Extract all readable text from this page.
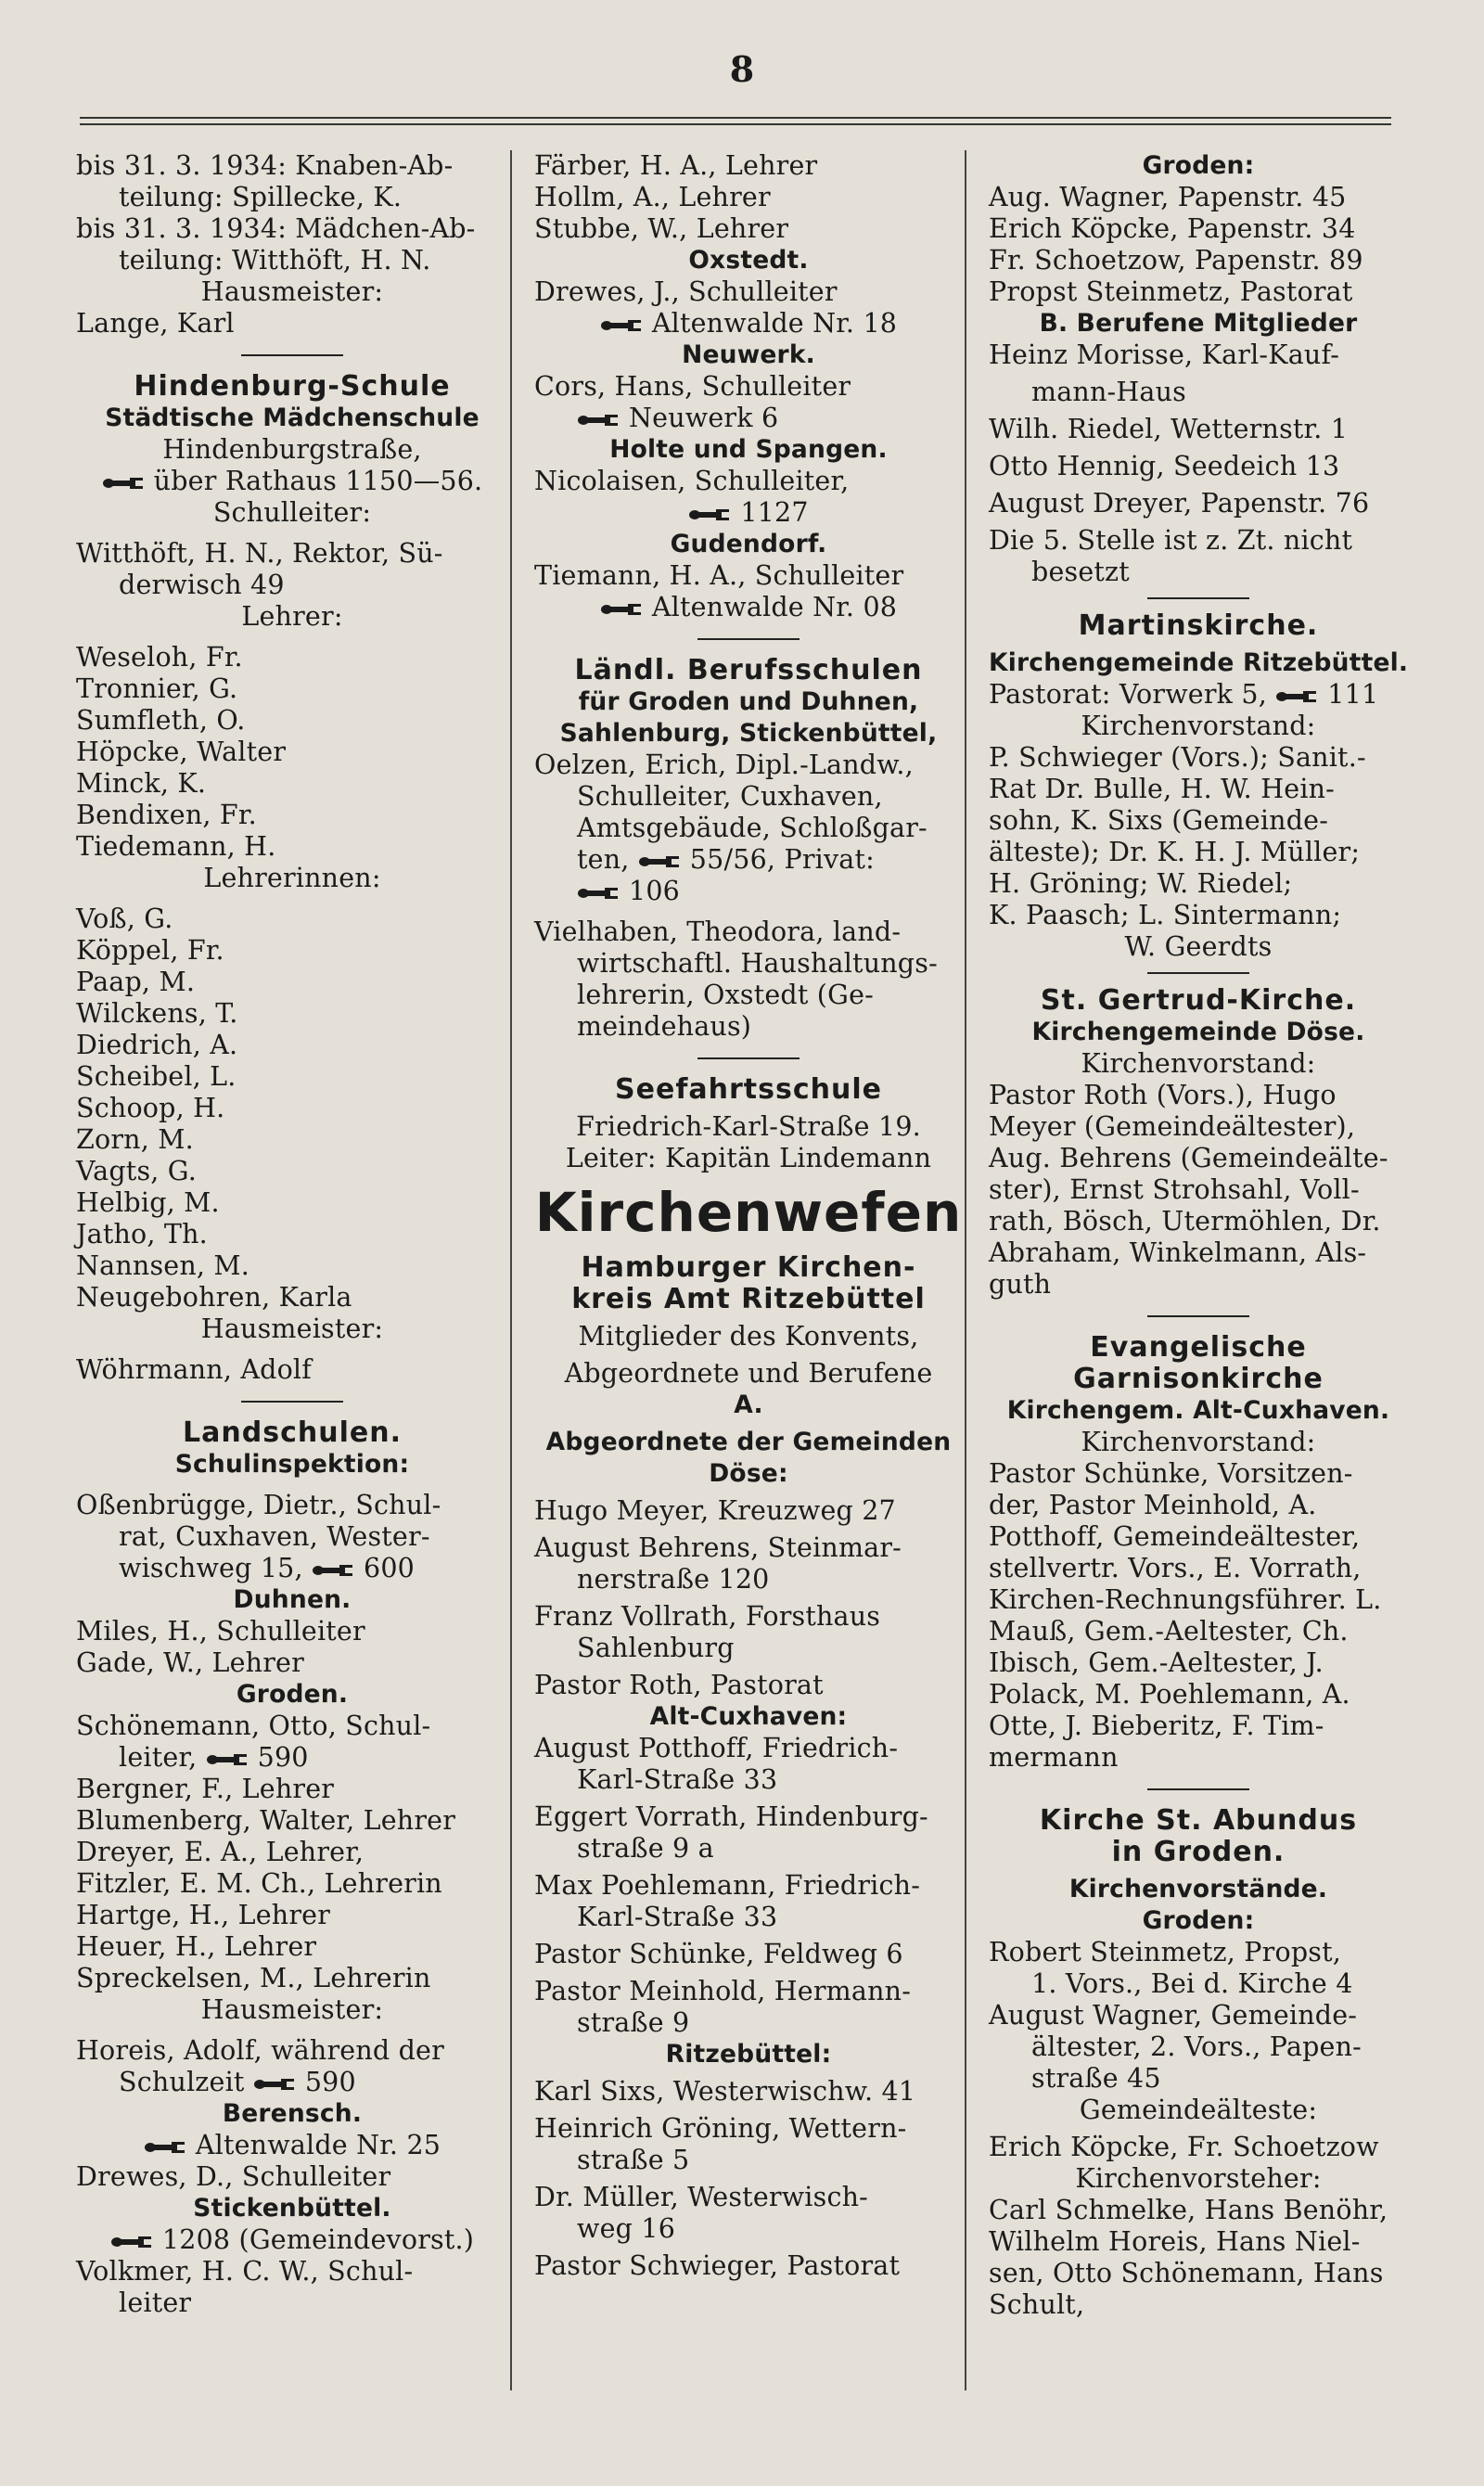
8
bis 31. 3. 1934: Knaben-Ab-
teilung: Spillecke, K.
bis 31. 3. 1934: Mädchen-Ab-
teilung: Witthöft, H. N.
Hausmeister:
Lange, Karl
Hindenburg-Schule
Städtische Mädchenschule
Hindenburgstraße,
über Rathaus 1150—56.
Schulleiter:
Witthöft, H. N., Rektor, Sü-
derwisch 49
Lehrer:
Weseloh, Fr.
Tronnier, G.
Sumfleth, O.
Höpcke, Walter
Minck, K.
Bendixen, Fr.
Tiedemann, H.
Lehrerinnen:
Voß, G.
Köppel, Fr.
Paap, M.
Wilckens, T.
Diedrich, A.
Scheibel, L.
Schoop, H.
Zorn, M.
Vagts, G.
Helbig, M.
Jatho, Th.
Nannsen, M.
Neugebohren, Karla
Hausmeister:
Wöhrmann, Adolf
Landschulen.
Schulinspektion:
Oßenbrügge, Dietr., Schul-
rat, Cuxhaven, Wester-
wischweg 15,
600
Duhnen.
Miles, H., Schulleiter
Gade, W., Lehrer
Groden.
Schönemann, Otto, Schul-
leiter,
590
Bergner, F., Lehrer
Blumenberg, Walter, Lehrer
Dreyer, E. A., Lehrer,
Fitzler, E. M. Ch., Lehrerin
Hartge, H., Lehrer
Heuer, H., Lehrer
Spreckelsen, M., Lehrerin
Hausmeister:
Horeis, Adolf, während der
Schulzeit
590
Berensch.
Altenwalde Nr. 25
Drewes, D., Schulleiter
Stickenbüttel.
1208 (Gemeindevorst.)
Volkmer, H. C. W., Schul-
leiter
Färber, H. A., Lehrer
Hollm, A., Lehrer
Stubbe, W., Lehrer
Oxstedt.
Drewes, J., Schulleiter
Altenwalde Nr. 18
Neuwerk.
Cors, Hans, Schulleiter
Neuwerk 6
Holte und Spangen.
Nicolaisen, Schulleiter,
1127
Gudendorf.
Tiemann, H. A., Schulleiter
Altenwalde Nr. 08
Ländl. Berufsschulen
für Groden und Duhnen,
Sahlenburg, Stickenbüttel,
Oelzen, Erich, Dipl.-Landw.,
Schulleiter, Cuxhaven,
Amtsgebäude, Schloßgar-
ten,
55/56, Privat:
106
Vielhaben, Theodora, land-
wirtschaftl. Haushaltungs-
lehrerin, Oxstedt (Ge-
meindehaus)
Seefahrtsschule
Friedrich-Karl-Straße 19.
Leiter: Kapitän Lindemann
Kirchenwefen
Hamburger Kirchen-
kreis Amt Ritzebüttel
Mitglieder des Konvents,
Abgeordnete und Berufene
A.
Abgeordnete der Gemeinden
Döse:
Hugo Meyer, Kreuzweg 27
August Behrens, Steinmar-
nerstraße 120
Franz Vollrath, Forsthaus
Sahlenburg
Pastor Roth, Pastorat
Alt-Cuxhaven:
August Potthoff, Friedrich-
Karl-Straße 33
Eggert Vorrath, Hindenburg-
straße 9 a
Max Poehlemann, Friedrich-
Karl-Straße 33
Pastor Schünke, Feldweg 6
Pastor Meinhold, Hermann-
straße 9
Ritzebüttel:
Karl Sixs, Westerwischw. 41
Heinrich Gröning, Wettern-
straße 5
Dr. Müller, Westerwisch-
weg 16
Pastor Schwieger, Pastorat
Groden:
Aug. Wagner, Papenstr. 45
Erich Köpcke, Papenstr. 34
Fr. Schoetzow, Papenstr. 89
Propst Steinmetz, Pastorat
B. Berufene Mitglieder
Heinz Morisse, Karl-Kauf-
mann-Haus
Wilh. Riedel, Wetternstr. 1
Otto Hennig, Seedeich 13
August Dreyer, Papenstr. 76
Die 5. Stelle ist z. Zt. nicht
besetzt
Martinskirche.
Kirchengemeinde Ritzebüttel.
Pastorat: Vorwerk 5,
111
Kirchenvorstand:
P. Schwieger (Vors.); Sanit.-
Rat Dr. Bulle, H. W. Hein-
sohn, K. Sixs (Gemeinde-
älteste); Dr. K. H. J. Müller;
H. Gröning; W. Riedel;
K. Paasch; L. Sintermann;
W. Geerdts
St. Gertrud-Kirche.
Kirchengemeinde Döse.
Kirchenvorstand:
Pastor Roth (Vors.), Hugo
Meyer (Gemeindeältester),
Aug. Behrens (Gemeindeälte-
ster), Ernst Strohsahl, Voll-
rath, Bösch, Utermöhlen, Dr.
Abraham, Winkelmann, Als-
guth
Evangelische
Garnisonkirche
Kirchengem. Alt-Cuxhaven.
Kirchenvorstand:
Pastor Schünke, Vorsitzen-
der, Pastor Meinhold, A.
Potthoff, Gemeindeältester,
stellvertr. Vors., E. Vorrath,
Kirchen-Rechnungsführer. L.
Mauß, Gem.-Aeltester, Ch.
Ibisch, Gem.-Aeltester, J.
Polack, M. Poehlemann, A.
Otte, J. Bieberitz, F. Tim-
mermann
Kirche St. Abundus
in Groden.
Kirchenvorstände.
Groden:
Robert Steinmetz, Propst,
1. Vors., Bei d. Kirche 4
August Wagner, Gemeinde-
ältester, 2. Vors., Papen-
straße 45
Gemeindeälteste:
Erich Köpcke, Fr. Schoetzow
Kirchenvorsteher:
Carl Schmelke, Hans Benöhr,
Wilhelm Horeis, Hans Niel-
sen, Otto Schönemann, Hans
Schult,
